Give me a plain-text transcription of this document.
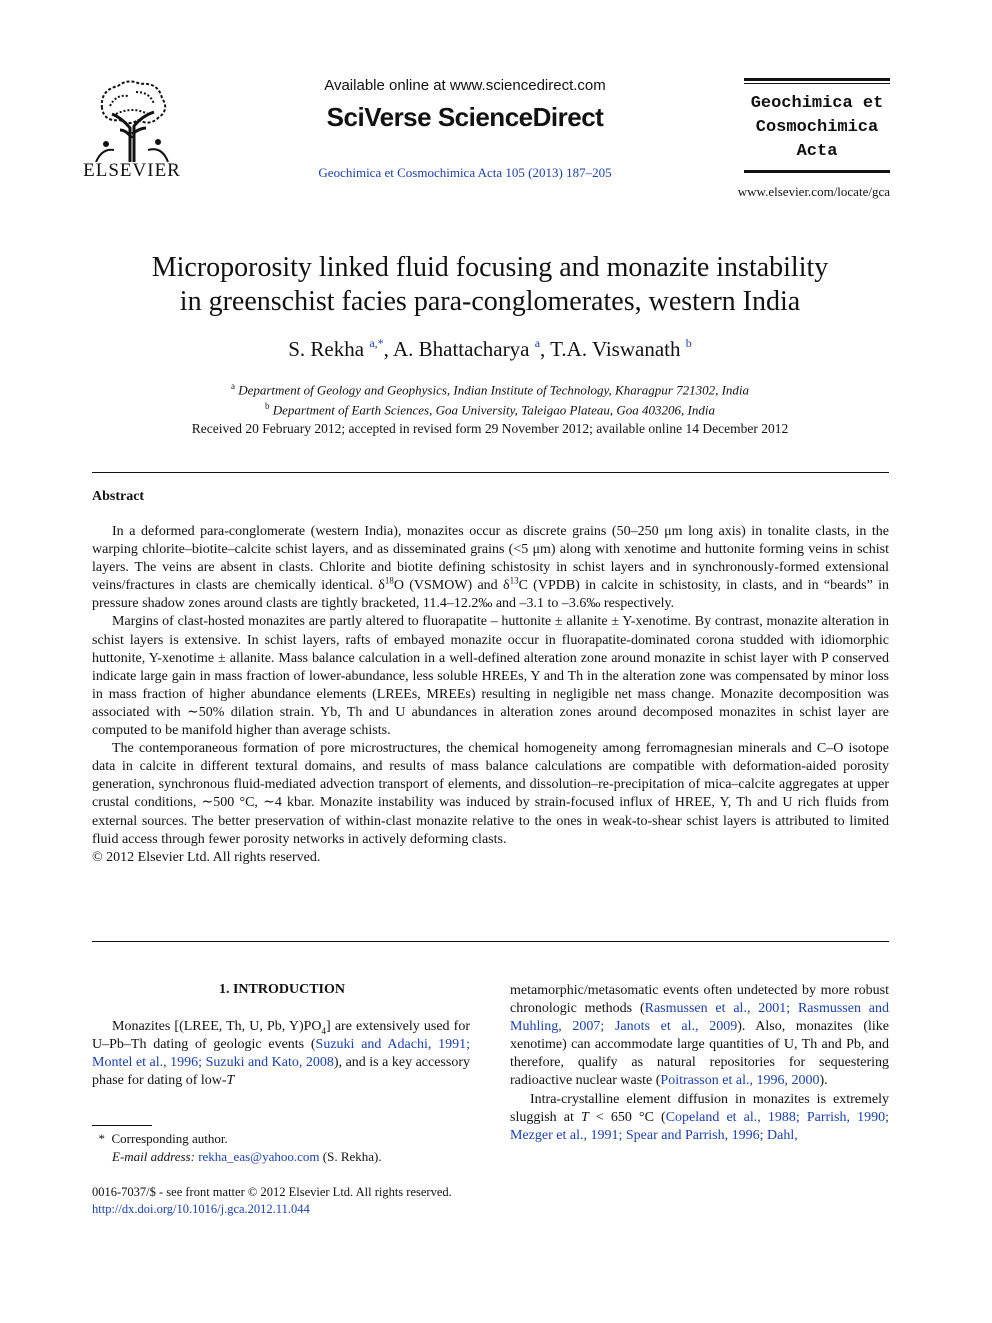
ELSEVIER
Available online at www.sciencedirect.com
SciVerse ScienceDirect
Geochimica et Cosmochimica Acta 105 (2013) 187–205
Geochimica et
Cosmochimica
Acta
www.elsevier.com/locate/gca
Microporosity linked fluid focusing and monazite instability
in greenschist facies para-conglomerates, western India
S. Rekha $^{a,*}$, A. Bhattacharya $^a$, T.A. Viswanath $^b$
$^a$ Department of Geology and Geophysics, Indian Institute of Technology, Kharagpur 721302, India
$^b$ Department of Earth Sciences, Goa University, Taleigao Plateau, Goa 403206, India
Received 20 February 2012; accepted in revised form 29 November 2012; available online 14 December 2012
Abstract

In a deformed para-conglomerate (western India), monazites occur as discrete grains (50–250 μm long axis) in tonalite clasts, in the warping chlorite–biotite–calcite schist layers, and as disseminated grains (<5 μm) along with xenotime and huttonite forming veins in schist layers. The veins are absent in clasts. Chlorite and biotite defining schistosity in schist layers and in synchronously-formed extensional veins/fractures in clasts are chemically identical. $\delta^{18}O$ (VSMOW) and $\delta^{13}C$ (VPDB) in calcite in schistosity, in clasts, and in “beards” in pressure shadow zones around clasts are tightly bracketed, 11.4–12.2‰ and –3.1 to –3.6‰ respectively.

Margins of clast-hosted monazites are partly altered to fluorapatite – huttonite ± allanite ± Y-xenotime. By contrast, monazite alteration in schist layers is extensive. In schist layers, rafts of embayed monazite occur in fluorapatite-dominated corona studded with idiomorphic huttonite, Y-xenotime ± allanite. Mass balance calculation in a well-defined alteration zone around monazite in schist layer with P conserved indicate large gain in mass fraction of lower-abundance, less soluble HREEs, Y and Th in the alteration zone was compensated by minor loss in mass fraction of higher abundance elements (LREEs, MREEs) resulting in negligible net mass change. Monazite decomposition was associated with ∼50% dilation strain. Yb, Th and U abundances in alteration zones around decomposed monazites in schist layer are computed to be manifold higher than average schists.

The contemporaneous formation of pore microstructures, the chemical homogeneity among ferromagnesian minerals and C–O isotope data in calcite in different textural domains, and results of mass balance calculations are compatible with deformation-aided porosity generation, synchronous fluid-mediated advection transport of elements, and dissolution–re-precipitation of mica–calcite aggregates at upper crustal conditions, ∼500 °C, ∼4 kbar. Monazite instability was induced by strain-focused influx of HREE, Y, Th and U rich fluids from external sources. The better preservation of within-clast monazite relative to the ones in weak-to-shear schist layers is attributed to limited fluid access through fewer porosity networks in actively deforming clasts.

© 2012 Elsevier Ltd. All rights reserved.

1. INTRODUCTION

Monazites [(LREE, Th, U, Pb, $Y)PO_4$] are extensively used for U–Pb–Th dating of geologic events (Suzuki and Adachi, 1991; Montel et al., 1996; Suzuki and Kato, 2008), and is a key accessory phase for dating of low-T

metamorphic/metasomatic events often undetected by more robust chronologic methods (Rasmussen et al., 2001; Rasmussen and Muhling, 2007; Janots et al., 2009). Also, monazites (like xenotime) can accommodate large quantities of U, Th and Pb, and therefore, qualify as natural repositories for sequestering radioactive nuclear waste (Poitrasson et al., 1996, 2000).

Intra-crystalline element diffusion in monazites is extremely sluggish at T < 650 °C (Copeland et al., 1988; Parrish, 1990; Mezger et al., 1991; Spear and Parrish, 1996; Dahl,

* Corresponding author.
E-mail address: rekha_eas@yahoo.com (S. Rekha).
0016-7037/$ - see front matter © 2012 Elsevier Ltd. All rights reserved.
http://dx.doi.org/10.1016/j.gca.2012.11.044
